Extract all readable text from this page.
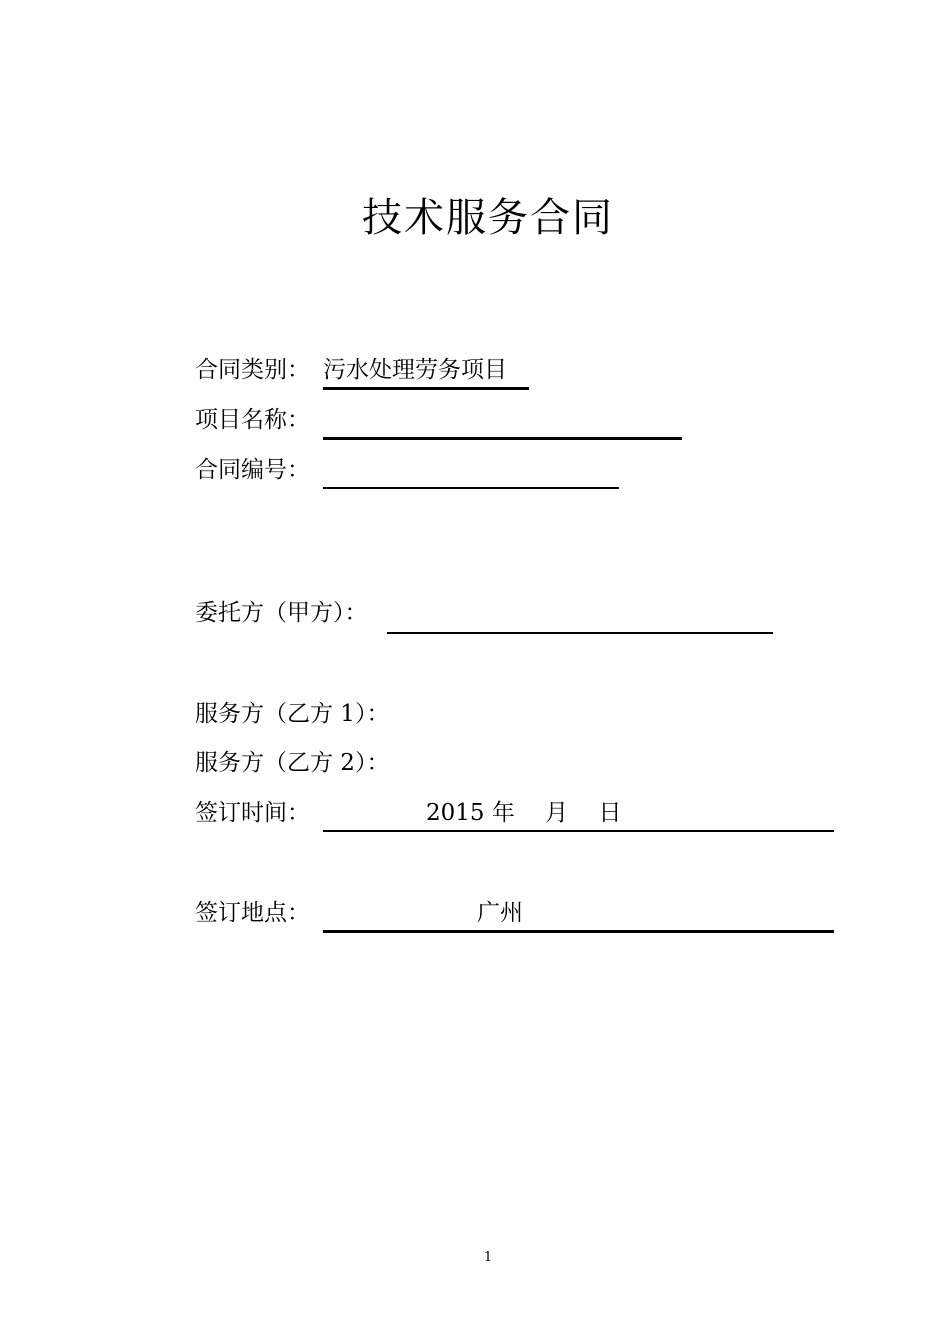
技术服务合同
合同类别： 污水处理劳务项目
项目名称：
合同编号：
委托方（甲方）：
服务方（乙方 1）：
服务方（乙方 2）：
签订时间：	2015 年　 月　 日
签订地点：	广州
1
